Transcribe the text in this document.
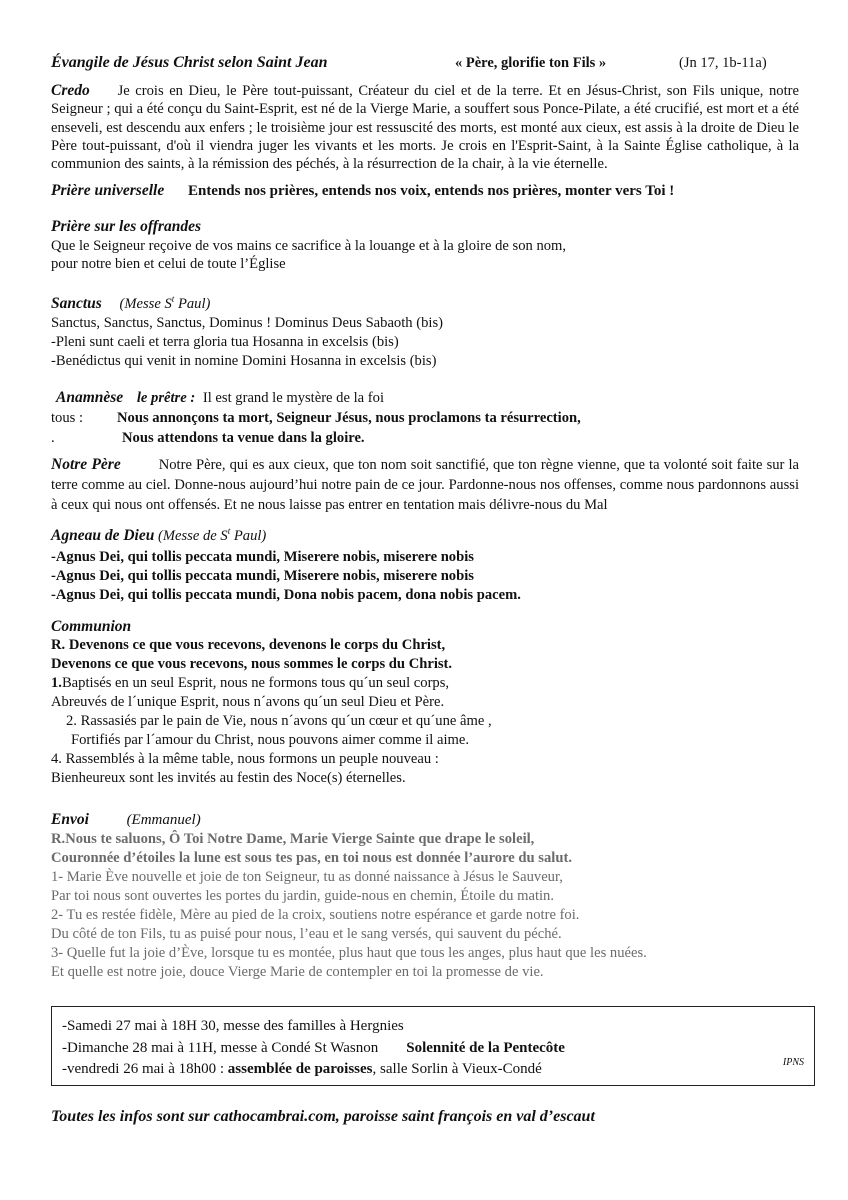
Évangile de Jésus Christ selon Saint Jean	« Père, glorifie ton Fils »	(Jn 17, 1b-11a)
Credo Je crois en Dieu, le Père tout-puissant, Créateur du ciel et de la terre. Et en Jésus-Christ, son Fils unique, notre Seigneur ; qui a été conçu du Saint-Esprit, est né de la Vierge Marie, a souffert sous Ponce-Pilate, a été crucifié, est mort et a été enseveli, est descendu aux enfers ; le troisième jour est ressuscité des morts, est monté aux cieux, est assis à la droite de Dieu le Père tout-puissant, d'où il viendra juger les vivants et les morts. Je crois en l'Esprit-Saint, à la Sainte Église catholique, à la communion des saints, à la rémission des péchés, à la résurrection de la chair, à la vie éternelle.
Prière universelle Entends nos prières, entends nos voix, entends nos prières, monter vers Toi !
Prière sur les offrandes

Que le Seigneur reçoive de vos mains ce sacrifice à la louange et à la gloire de son nom,

pour notre bien et celui de toute l’Église

Sanctus (Messe $S^t$ Paul)

Sanctus, Sanctus, Sanctus, Dominus ! Dominus Deus Sabaoth (bis)

-Pleni sunt caeli et terra gloria tua Hosanna in excelsis (bis)

-Benédictus qui venit in nomine Domini Hosanna in excelsis (bis)

Anamnèse le prêtre : Il est grand le mystère de la foi
tous : Nous annonçons ta mort, Seigneur Jésus, nous proclamons ta résurrection,
.	Nous attendons ta venue dans la gloire.
Notre Père	Notre Père, qui es aux cieux, que ton nom soit sanctifié, que ton règne vienne, que ta volonté soit faite sur la terre comme au ciel. Donne-nous aujourd’hui notre pain de ce jour. Pardonne-nous nos offenses, comme nous pardonnons aussi à ceux qui nous ont offensés. Et ne nous laisse pas entrer en tentation mais délivre-nous du Mal
Agneau de Dieu (Messe de $S^t$ Paul)

-Agnus Dei, qui tollis peccata mundi, Miserere nobis, miserere nobis

-Agnus Dei, qui tollis peccata mundi, Miserere nobis, miserere nobis

-Agnus Dei, qui tollis peccata mundi, Dona nobis pacem, dona nobis pacem.

Communion

R. Devenons ce que vous recevons, devenons le corps du Christ,

Devenons ce que vous recevons, nous sommes le corps du Christ.

1.Baptisés en un seul Esprit, nous ne formons tous qu´un seul corps,

Abreuvés de l´unique Esprit, nous n´avons qu´un seul Dieu et Père.

2. Rassasiés par le pain de Vie, nous n´avons qu´un cœur et qu´une âme ,

Fortifiés par l´amour du Christ, nous pouvons aimer comme il aime.

4. Rassemblés à la même table, nous formons un peuple nouveau :

Bienheureux sont les invités au festin des Noce(s) éternelles.

Envoi	(Emmanuel)

R.Nous te saluons, Ô Toi Notre Dame, Marie Vierge Sainte que drape le soleil,

Couronnée d’étoiles la lune est sous tes pas, en toi nous est donnée l’aurore du salut.

1- Marie Ève nouvelle et joie de ton Seigneur, tu as donné naissance à Jésus le Sauveur,

Par toi nous sont ouvertes les portes du jardin, guide-nous en chemin, Étoile du matin.

2- Tu es restée fidèle, Mère au pied de la croix, soutiens notre espérance et garde notre foi.

Du côté de ton Fils, tu as puisé pour nous, l’eau et le sang versés, qui sauvent du péché.

3- Quelle fut la joie d’Ève, lorsque tu es montée, plus haut que tous les anges, plus haut que les nuées.

Et quelle est notre joie, douce Vierge Marie de contempler en toi la promesse de vie.

-Samedi 27 mai à 18H 30, messe des familles à Hergnies
-Dimanche 28 mai à 11H, messe à Condé St Wasnon Solennité de la Pentecôte
-vendredi 26 mai à 18h00 : assemblée de paroisses, salle Sorlin à Vieux-Condé	IPNS
Toutes les infos sont sur cathocambrai.com, paroisse saint françois en val d’escaut
